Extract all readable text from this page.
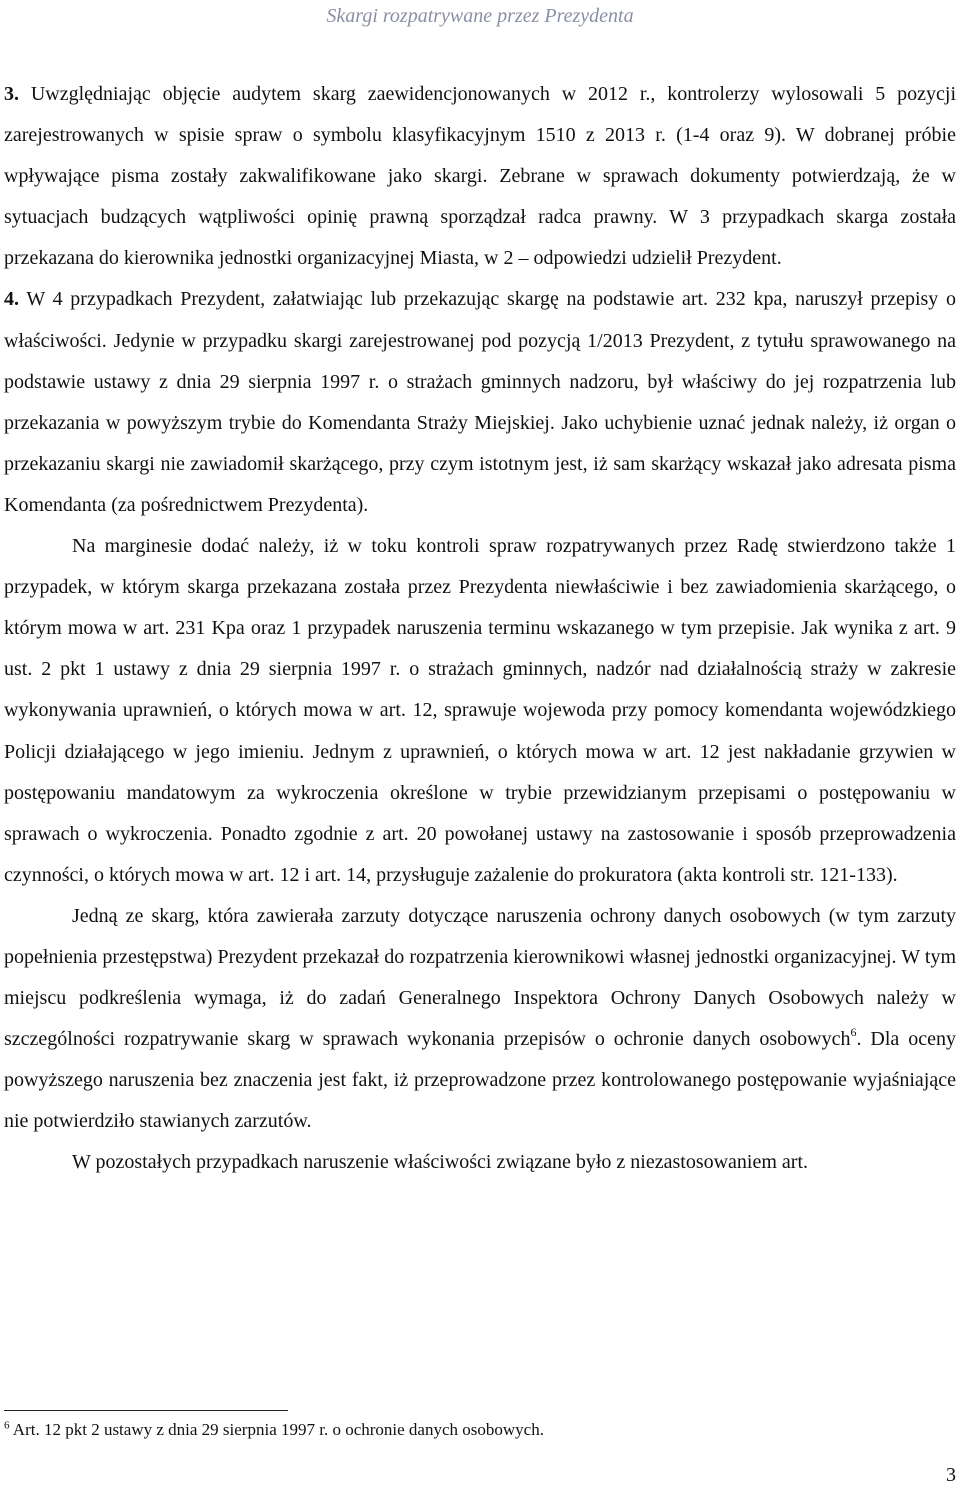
Skargi rozpatrywane przez Prezydenta

3. Uwzględniając objęcie audytem skarg zaewidencjonowanych w 2012 r., kontrolerzy wylosowali 5 pozycji zarejestrowanych w spisie spraw o symbolu klasyfikacyjnym 1510 z 2013 r. (1-4 oraz 9). W dobranej próbie wpływające pisma zostały zakwalifikowane jako skargi. Zebrane w sprawach dokumenty potwierdzają, że w sytuacjach budzących wątpliwości opinię prawną sporządzał radca prawny. W 3 przypadkach skarga została przekazana do kierownika jednostki organizacyjnej Miasta, w 2 – odpowiedzi udzielił Prezydent.

4. W 4 przypadkach Prezydent, załatwiając lub przekazując skargę na podstawie art. 232 kpa, naruszył przepisy o właściwości. Jedynie w przypadku skargi zarejestrowanej pod pozycją 1/2013 Prezydent, z tytułu sprawowanego na podstawie ustawy z dnia 29 sierpnia 1997 r. o strażach gminnych nadzoru, był właściwy do jej rozpatrzenia lub przekazania w powyższym trybie do Komendanta Straży Miejskiej. Jako uchybienie uznać jednak należy, iż organ o przekazaniu skargi nie zawiadomił skarżącego, przy czym istotnym jest, iż sam skarżący wskazał jako adresata pisma Komendanta (za pośrednictwem Prezydenta).

Na marginesie dodać należy, iż w toku kontroli spraw rozpatrywanych przez Radę stwierdzono także 1 przypadek, w którym skarga przekazana została przez Prezydenta niewłaściwie i bez zawiadomienia skarżącego, o którym mowa w art. 231 Kpa oraz 1 przypadek naruszenia terminu wskazanego w tym przepisie. Jak wynika z art. 9 ust. 2 pkt 1 ustawy z dnia 29 sierpnia 1997 r. o strażach gminnych, nadzór nad działalnością straży w zakresie wykonywania uprawnień, o których mowa w art. 12, sprawuje wojewoda przy pomocy komendanta wojewódzkiego Policji działającego w jego imieniu. Jednym z uprawnień, o których mowa w art. 12 jest nakładanie grzywien w postępowaniu mandatowym za wykroczenia określone w trybie przewidzianym przepisami o postępowaniu w sprawach o wykroczenia. Ponadto zgodnie z art. 20 powołanej ustawy na zastosowanie i sposób przeprowadzenia czynności, o których mowa w art. 12 i art. 14, przysługuje zażalenie do prokuratora (akta kontroli str. 121-133).

Jedną ze skarg, która zawierała zarzuty dotyczące naruszenia ochrony danych osobowych (w tym zarzuty popełnienia przestępstwa) Prezydent przekazał do rozpatrzenia kierownikowi własnej jednostki organizacyjnej. W tym miejscu podkreślenia wymaga, iż do zadań Generalnego Inspektora Ochrony Danych Osobowych należy w szczególności rozpatrywanie skarg w sprawach wykonania przepisów o ochronie danych osobowych$^6$. Dla oceny powyższego naruszenia bez znaczenia jest fakt, iż przeprowadzone przez kontrolowanego postępowanie wyjaśniające nie potwierdziło stawianych zarzutów.

W pozostałych przypadkach naruszenie właściwości związane było z niezastosowaniem art.

$^6$ Art. 12 pkt 2 ustawy z dnia 29 sierpnia 1997 r. o ochronie danych osobowych.
3
